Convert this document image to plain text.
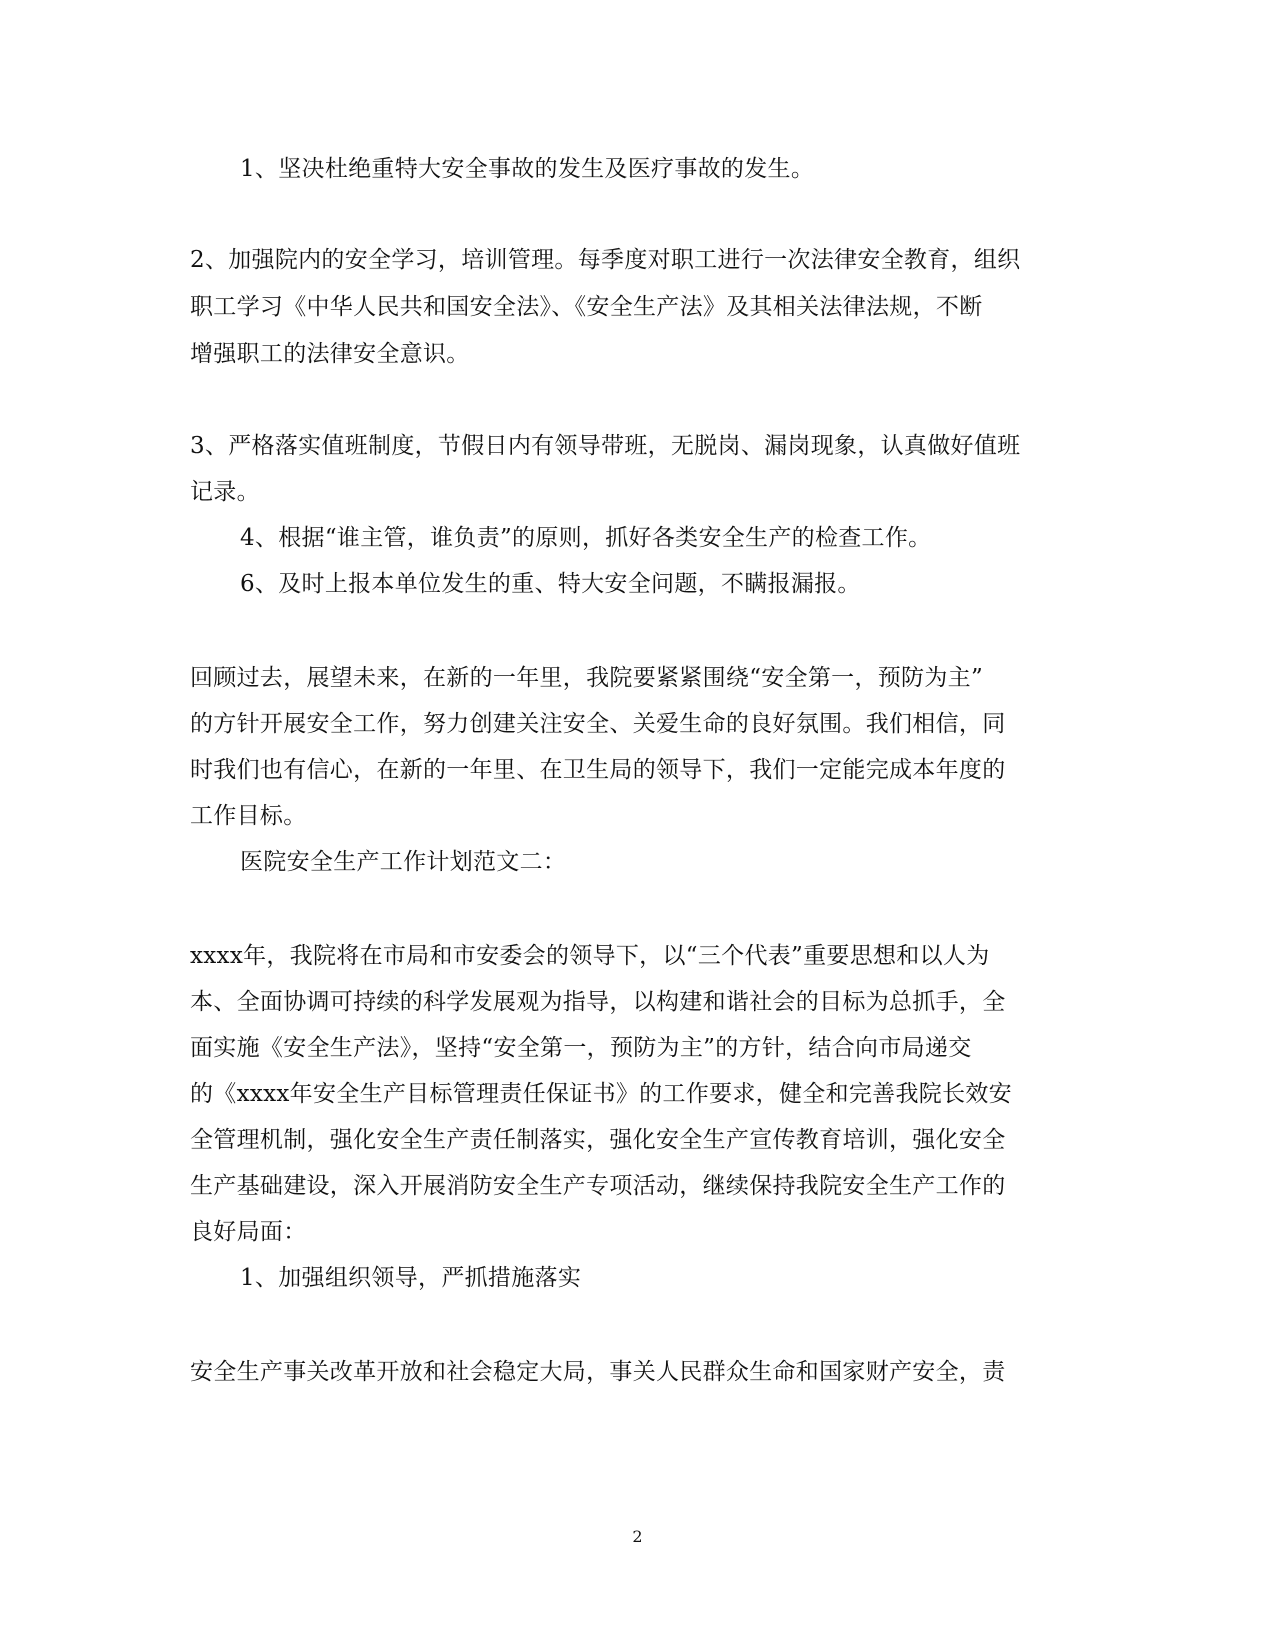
1、坚决杜绝重特大安全事故的发生及医疗事故的发生。
2、加强院内的安全学习，培训管理。每季度对职工进行一次法律安全教育，组织
职工学习《中华人民共和国安全法》、《安全生产法》及其相关法律法规，不断
增强职工的法律安全意识。
3、严格落实值班制度，节假日内有领导带班，无脱岗、漏岗现象，认真做好值班
记录。
4、根据“谁主管，谁负责”的原则，抓好各类安全生产的检查工作。
6、及时上报本单位发生的重、特大安全问题，不瞒报漏报。
回顾过去，展望未来，在新的一年里，我院要紧紧围绕“安全第一，预防为主”
的方针开展安全工作，努力创建关注安全、关爱生命的良好氛围。我们相信，同
时我们也有信心，在新的一年里、在卫生局的领导下，我们一定能完成本年度的
工作目标。
医院安全生产工作计划范文二：
xxxx年，我院将在市局和市安委会的领导下，以“三个代表”重要思想和以人为
本、全面协调可持续的科学发展观为指导，以构建和谐社会的目标为总抓手，全
面实施《安全生产法》，坚持“安全第一，预防为主”的方针，结合向市局递交
的《xxxx年安全生产目标管理责任保证书》的工作要求，健全和完善我院长效安
全管理机制，强化安全生产责任制落实，强化安全生产宣传教育培训，强化安全
生产基础建设，深入开展消防安全生产专项活动，继续保持我院安全生产工作的
良好局面：
1、加强组织领导，严抓措施落实
安全生产事关改革开放和社会稳定大局，事关人民群众生命和国家财产安全，责
2
